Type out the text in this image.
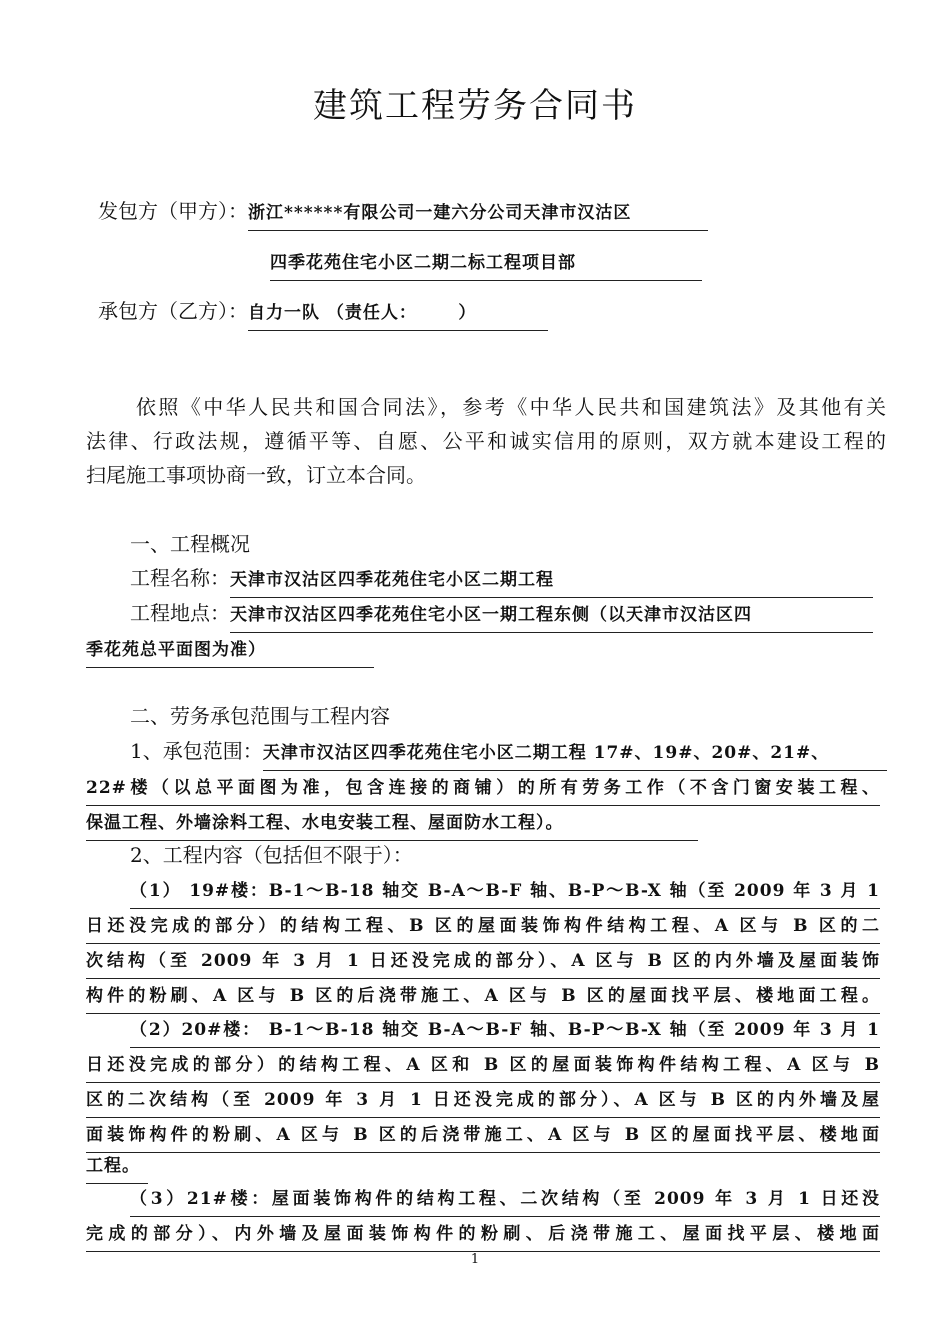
建筑工程劳务合同书
发包方（甲方）：浙江******有限公司一建六分公司天津市汉沽区
四季花苑住宅小区二期二标工程项目部
承包方（乙方）：自力一队 （责任人：      ）
依照《中华人民共和国合同法》，参考《中华人民共和国建筑法》及其他有关
法律、行政法规，遵循平等、自愿、公平和诚实信用的原则，双方就本建设工程的
扫尾施工事项协商一致，订立本合同。
一、工程概况
工程名称：天津市汉沽区四季花苑住宅小区二期工程
工程地点：天津市汉沽区四季花苑住宅小区一期工程东侧（以天津市汉沽区四
季花苑总平面图为准）
二、劳务承包范围与工程内容
1、承包范围：天津市汉沽区四季花苑住宅小区二期工程 17#、19#、20#、21#、
22#楼（以总平面图为准，包含连接的商铺）的所有劳务工作（不含门窗安装工程、
保温工程、外墙涂料工程、水电安装工程、屋面防水工程）。
2、工程内容（包括但不限于）：
（1） 19#楼：B-1～B-18 轴交 B-A～B-F 轴、B-P～B-X 轴（至 2009 年 3 月 1
日还没完成的部分）的结构工程、B 区的屋面装饰构件结构工程、A 区与 B 区的二
次结构（至 2009 年 3 月 1 日还没完成的部分）、A 区与 B 区的内外墙及屋面装饰
构件的粉刷、A 区与 B 区的后浇带施工、A 区与 B 区的屋面找平层、楼地面工程。
（2）20#楼： B-1～B-18 轴交 B-A～B-F 轴、B-P～B-X 轴（至 2009 年 3 月 1
日还没完成的部分）的结构工程、A 区和 B 区的屋面装饰构件结构工程、A 区与 B
区的二次结构（至 2009 年 3 月 1 日还没完成的部分）、A 区与 B 区的内外墙及屋
面装饰构件的粉刷、A 区与 B 区的后浇带施工、A 区与 B 区的屋面找平层、楼地面
工程。
（3）21#楼：屋面装饰构件的结构工程、二次结构（至 2009 年 3 月 1 日还没
完成的部分）、内外墙及屋面装饰构件的粉刷、后浇带施工、屋面找平层、楼地面
1
